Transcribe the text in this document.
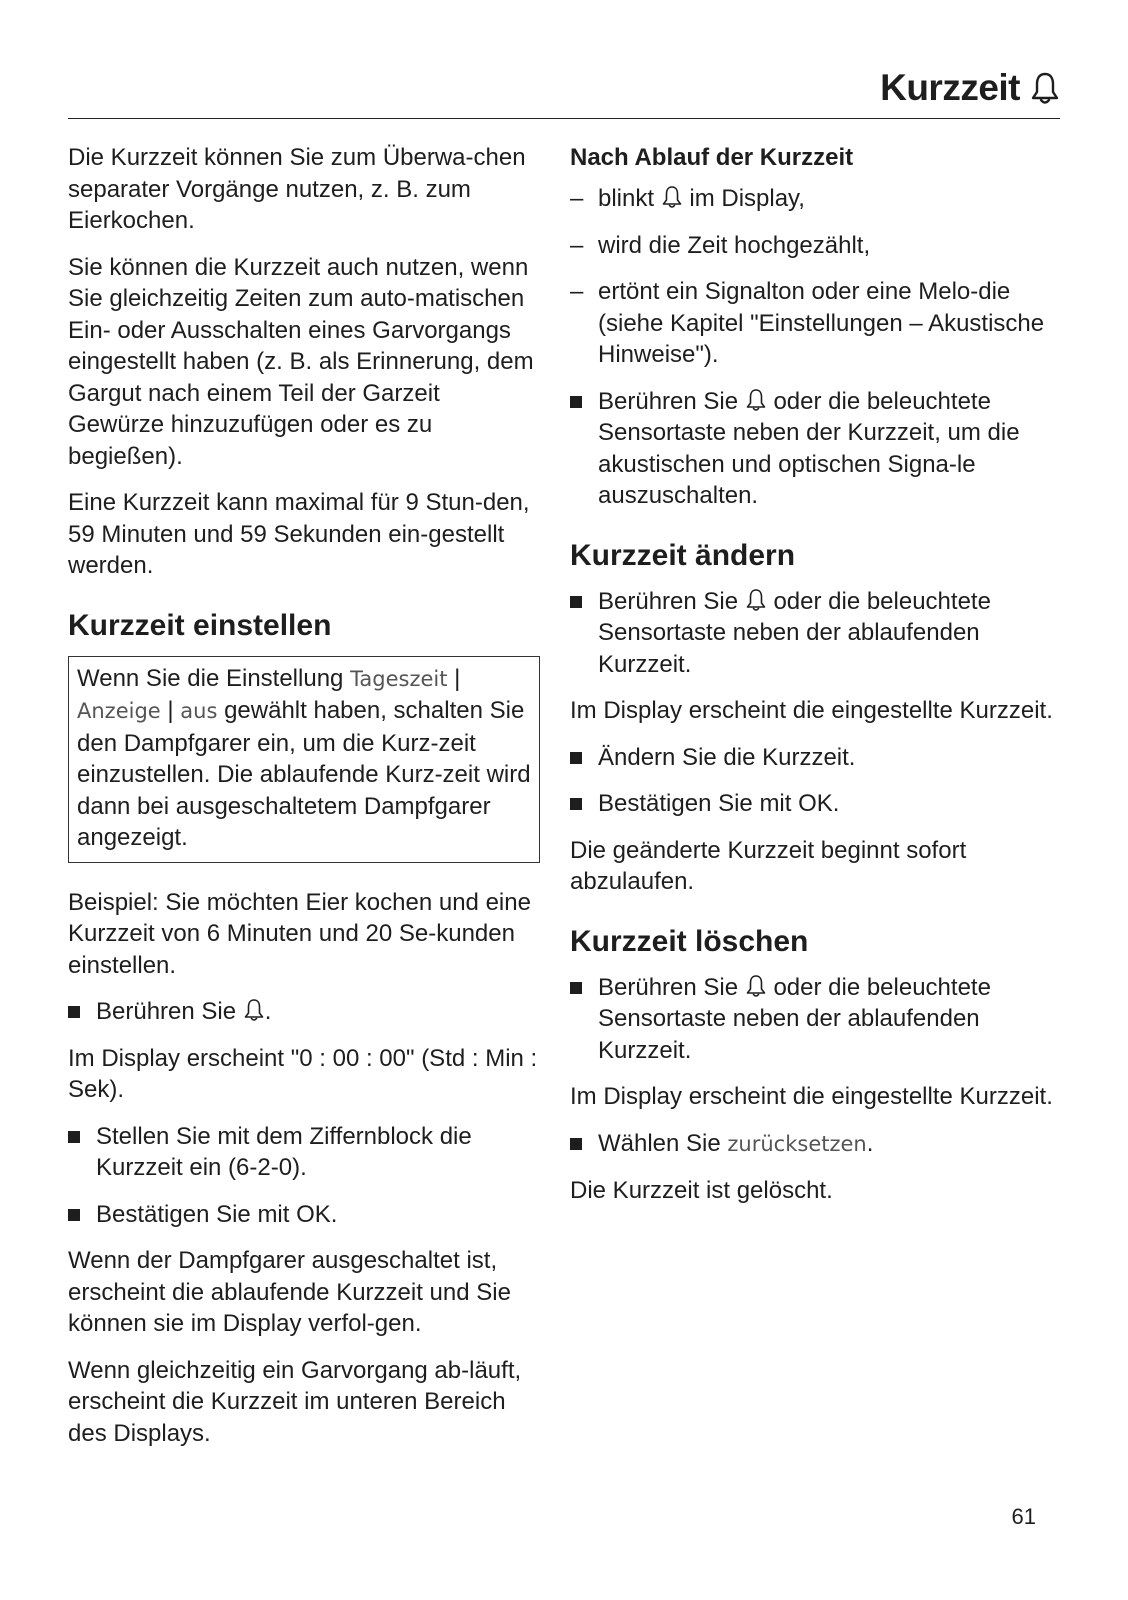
Kurzzeit

Die Kurzzeit können Sie zum Überwa-chen separater Vorgänge nutzen, z. B. zum Eierkochen.

Sie können die Kurzzeit auch nutzen, wenn Sie gleichzeitig Zeiten zum auto-matischen Ein- oder Ausschalten eines Garvorgangs eingestellt haben (z. B. als Erinnerung, dem Gargut nach einem Teil der Garzeit Gewürze hinzuzufügen oder es zu begießen).

Eine Kurzzeit kann maximal für 9 Stun-den, 59 Minuten und 59 Sekunden ein-gestellt werden.

Kurzzeit einstellen
Wenn Sie die Einstellung Tageszeit | Anzeige | aus gewählt haben, schalten Sie den Dampfgarer ein, um die Kurz-zeit einzustellen. Die ablaufende Kurz-zeit wird dann bei ausgeschaltetem Dampfgarer angezeigt.

Beispiel: Sie möchten Eier kochen und eine Kurzzeit von 6 Minuten und 20 Se-kunden einstellen.

Berühren Sie .

Im Display erscheint "0 : 00 : 00" (Std : Min : Sek).

Stellen Sie mit dem Ziffernblock die Kurzzeit ein (6-2-0).
Bestätigen Sie mit OK.

Wenn der Dampfgarer ausgeschaltet ist, erscheint die ablaufende Kurzzeit und Sie können sie im Display verfol-gen.

Wenn gleichzeitig ein Garvorgang ab-läuft, erscheint die Kurzzeit im unteren Bereich des Displays.

Nach Ablauf der Kurzzeit
– blinkt im Display,
– wird die Zeit hochgezählt,
– ertönt ein Signalton oder eine Melo-die (siehe Kapitel "Einstellungen – Akustische Hinweise").
Berühren Sie oder die beleuchtete Sensortaste neben der Kurzzeit, um die akustischen und optischen Signa-le auszuschalten.
Kurzzeit ändern
Berühren Sie oder die beleuchtete Sensortaste neben der ablaufenden Kurzzeit.

Im Display erscheint die eingestellte Kurzzeit.

Ändern Sie die Kurzzeit.
Bestätigen Sie mit OK.

Die geänderte Kurzzeit beginnt sofort abzulaufen.

Kurzzeit löschen
Berühren Sie oder die beleuchtete Sensortaste neben der ablaufenden Kurzzeit.

Im Display erscheint die eingestellte Kurzzeit.

Wählen Sie zurücksetzen.

Die Kurzzeit ist gelöscht.

61
